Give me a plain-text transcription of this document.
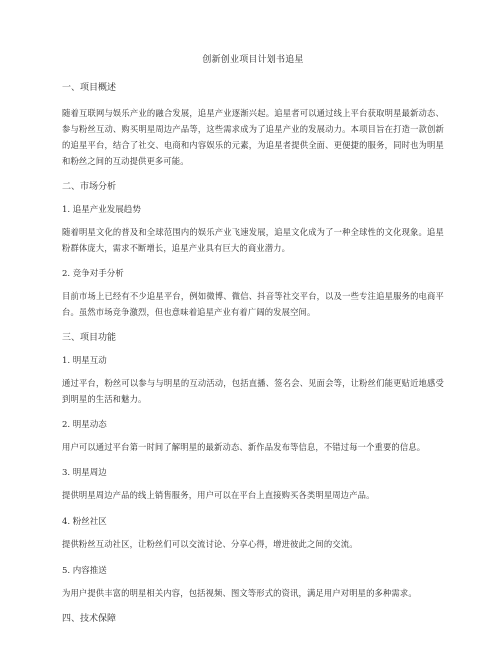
创新创业项目计划书追星
一、项目概述

随着互联网与娱乐产业的融合发展，追星产业逐渐兴起。追星者可以通过线上平台获取明星最新动态、参与粉丝互动、购买明星周边产品等，这些需求成为了追星产业的发展动力。本项目旨在打造一款创新的追星平台，结合了社交、电商和内容娱乐的元素，为追星者提供全面、更便捷的服务，同时也为明星和粉丝之间的互动提供更多可能。

二、市场分析
1. 追星产业发展趋势

随着明星文化的普及和全球范围内的娱乐产业飞速发展，追星文化成为了一种全球性的文化现象。追星粉群体庞大，需求不断增长，追星产业具有巨大的商业潜力。

2. 竞争对手分析

目前市场上已经有不少追星平台，例如微博、微信、抖音等社交平台，以及一些专注追星服务的电商平台。虽然市场竞争激烈，但也意味着追星产业有着广阔的发展空间。

三、项目功能
1. 明星互动

通过平台，粉丝可以参与与明星的互动活动，包括直播、签名会、见面会等，让粉丝们能更贴近地感受到明星的生活和魅力。

2. 明星动态

用户可以通过平台第一时间了解明星的最新动态、新作品发布等信息，不错过每一个重要的信息。

3. 明星周边

提供明星周边产品的线上销售服务，用户可以在平台上直接购买各类明星周边产品。

4. 粉丝社区

提供粉丝互动社区，让粉丝们可以交流讨论、分享心得，增进彼此之间的交流。

5. 内容推送

为用户提供丰富的明星相关内容，包括视频、图文等形式的资讯，满足用户对明星的多种需求。

四、技术保障
